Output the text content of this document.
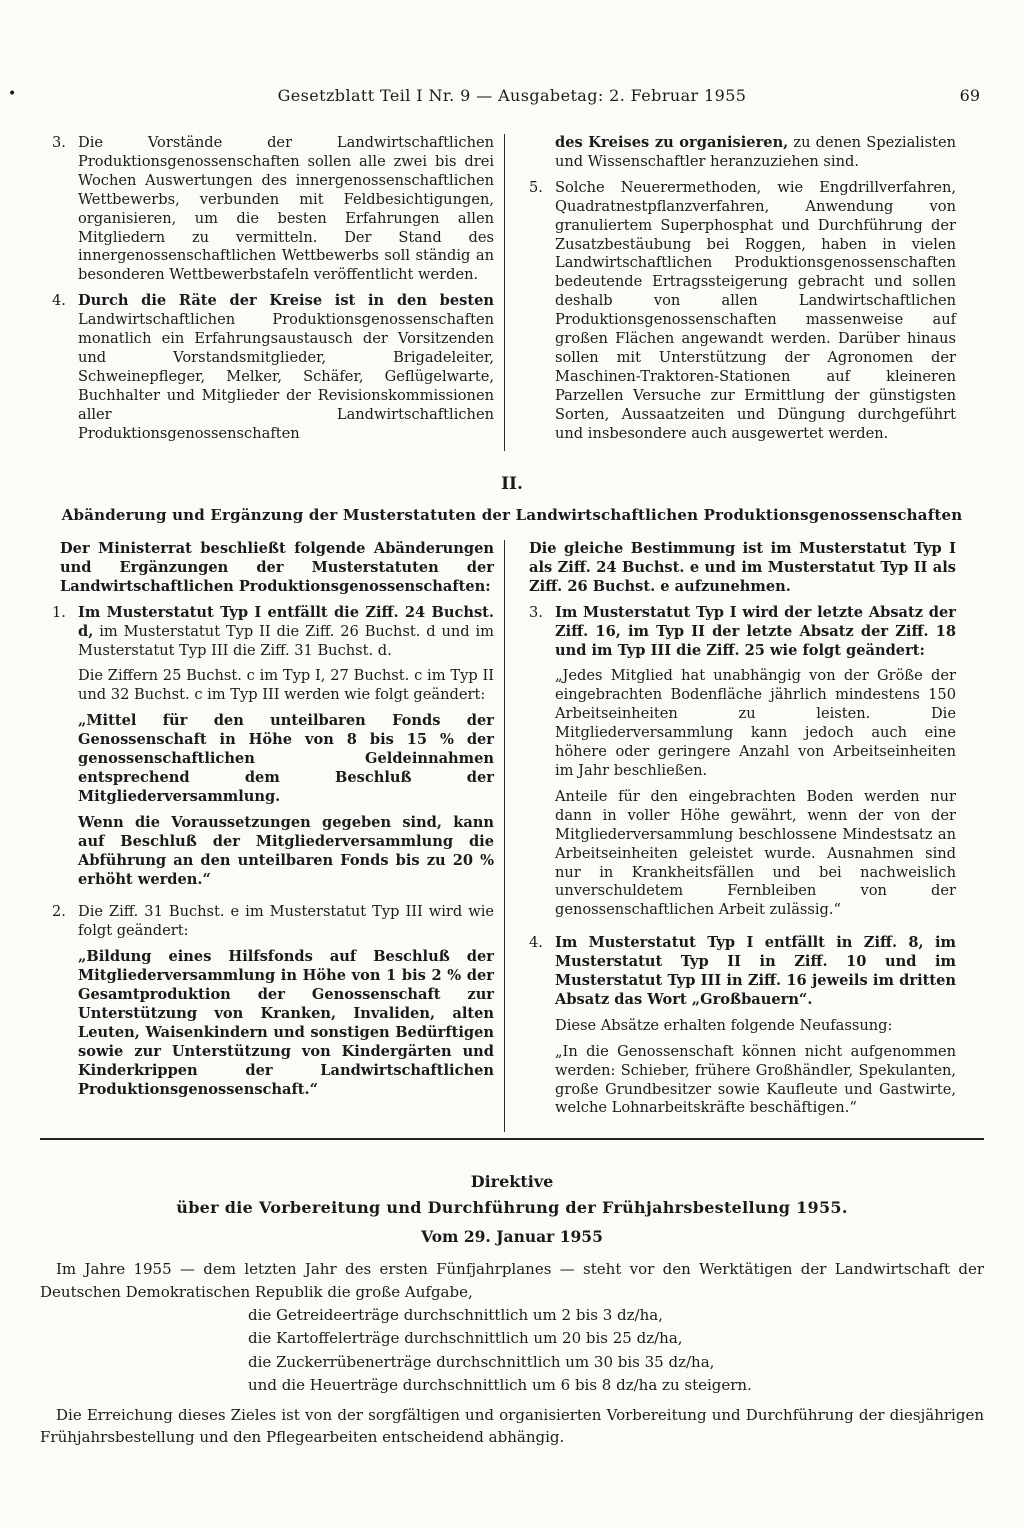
•	Gesetzblatt Teil I Nr. 9 — Ausgabetag: 2. Februar 1955	69
3. Die Vorstände der Landwirtschaftlichen Produktionsgenossenschaften sollen alle zwei bis drei Wochen Auswertungen des innergenossenschaftlichen Wettbewerbs, verbunden mit Feldbesichtigungen, organisieren, um die besten Erfahrungen allen Mitgliedern zu vermitteln. Der Stand des innergenossenschaftlichen Wettbewerbs soll ständig an besonderen Wettbewerbstafeln veröffentlicht werden.
4. Durch die Räte der Kreise ist in den besten Landwirtschaftlichen Produktionsgenossenschaften monatlich ein Erfahrungsaustausch der Vorsitzenden und Vorstandsmitglieder, Brigadeleiter, Schweinepfleger, Melker, Schäfer, Geflügelwarte, Buchhalter und Mitglieder der Revisionskommissionen aller Landwirtschaftlichen Produktionsgenossenschaften

des Kreises zu organisieren, zu denen Spezialisten und Wissenschaftler heranzuziehen sind.

5. Solche Neuerermethoden, wie Engdrillverfahren, Quadratnestpflanzverfahren, Anwendung von granuliertem Superphosphat und Durchführung der Zusatzbestäubung bei Roggen, haben in vielen Landwirtschaftlichen Produktionsgenossenschaften bedeutende Ertragssteigerung gebracht und sollen deshalb von allen Landwirtschaftlichen Produktionsgenossenschaften massenweise auf großen Flächen angewandt werden. Darüber hinaus sollen mit Unterstützung der Agronomen der Maschinen-Traktoren-Stationen auf kleineren Parzellen Versuche zur Ermittlung der günstigsten Sorten, Aussaatzeiten und Düngung durchgeführt und insbesondere auch ausgewertet werden.
II.
Abänderung und Ergänzung der Musterstatuten der Landwirtschaftlichen Produktionsgenossenschaften

Der Ministerrat beschließt folgende Abänderungen und Ergänzungen der Musterstatuten der Landwirtschaftlichen Produktionsgenossenschaften:

1. Im Musterstatut Typ I entfällt die Ziff. 24 Buchst. d, im Musterstatut Typ II die Ziff. 26 Buchst. d und im Musterstatut Typ III die Ziff. 31 Buchst. d.

Die Ziffern 25 Buchst. c im Typ I, 27 Buchst. c im Typ II und 32 Buchst. c im Typ III werden wie folgt geändert:

„Mittel für den unteilbaren Fonds der Genossenschaft in Höhe von 8 bis 15 % der genossenschaftlichen Geldeinnahmen entsprechend dem Beschluß der Mitgliederversammlung.

Wenn die Voraussetzungen gegeben sind, kann auf Beschluß der Mitgliederversammlung die Abführung an den unteilbaren Fonds bis zu 20 % erhöht werden.“

2. Die Ziff. 31 Buchst. e im Musterstatut Typ III wird wie folgt geändert:

„Bildung eines Hilfsfonds auf Beschluß der Mitgliederversammlung in Höhe von 1 bis 2 % der Gesamtproduktion der Genossenschaft zur Unterstützung von Kranken, Invaliden, alten Leuten, Waisenkindern und sonstigen Bedürftigen sowie zur Unterstützung von Kindergärten und Kinderkrippen der Landwirtschaftlichen Produktionsgenossenschaft.“

Die gleiche Bestimmung ist im Musterstatut Typ I als Ziff. 24 Buchst. e und im Musterstatut Typ II als Ziff. 26 Buchst. e aufzunehmen.

3. Im Musterstatut Typ I wird der letzte Absatz der Ziff. 16, im Typ II der letzte Absatz der Ziff. 18 und im Typ III die Ziff. 25 wie folgt geändert:

„Jedes Mitglied hat unabhängig von der Größe der eingebrachten Bodenfläche jährlich mindestens 150 Arbeitseinheiten zu leisten. Die Mitgliederversammlung kann jedoch auch eine höhere oder geringere Anzahl von Arbeitseinheiten im Jahr beschließen.

Anteile für den eingebrachten Boden werden nur dann in voller Höhe gewährt, wenn der von der Mitgliederversammlung beschlossene Mindestsatz an Arbeitseinheiten geleistet wurde. Ausnahmen sind nur in Krankheitsfällen und bei nachweislich unverschuldetem Fernbleiben von der genossenschaftlichen Arbeit zulässig.“

4. Im Musterstatut Typ I entfällt in Ziff. 8, im Musterstatut Typ II in Ziff. 10 und im Musterstatut Typ III in Ziff. 16 jeweils im dritten Absatz das Wort „Großbauern“.

Diese Absätze erhalten folgende Neufassung:

„In die Genossenschaft können nicht aufgenommen werden: Schieber, frühere Großhändler, Spekulanten, große Grundbesitzer sowie Kaufleute und Gastwirte, welche Lohnarbeitskräfte beschäftigen.“

Direktive
über die Vorbereitung und Durchführung der Frühjahrsbestellung 1955.
Vom 29. Januar 1955

Im Jahre 1955 — dem letzten Jahr des ersten Fünfjahrplanes — steht vor den Werktätigen der Landwirtschaft der Deutschen Demokratischen Republik die große Aufgabe,

die Getreideerträge durchschnittlich um 2 bis 3 dz/ha,
die Kartoffelerträge durchschnittlich um 20 bis 25 dz/ha,
die Zuckerrübenerträge durchschnittlich um 30 bis 35 dz/ha,
und die Heuerträge durchschnittlich um 6 bis 8 dz/ha zu steigern.

Die Erreichung dieses Zieles ist von der sorgfältigen und organisierten Vorbereitung und Durchführung der diesjährigen Frühjahrsbestellung und den Pflegearbeiten entscheidend abhängig.
